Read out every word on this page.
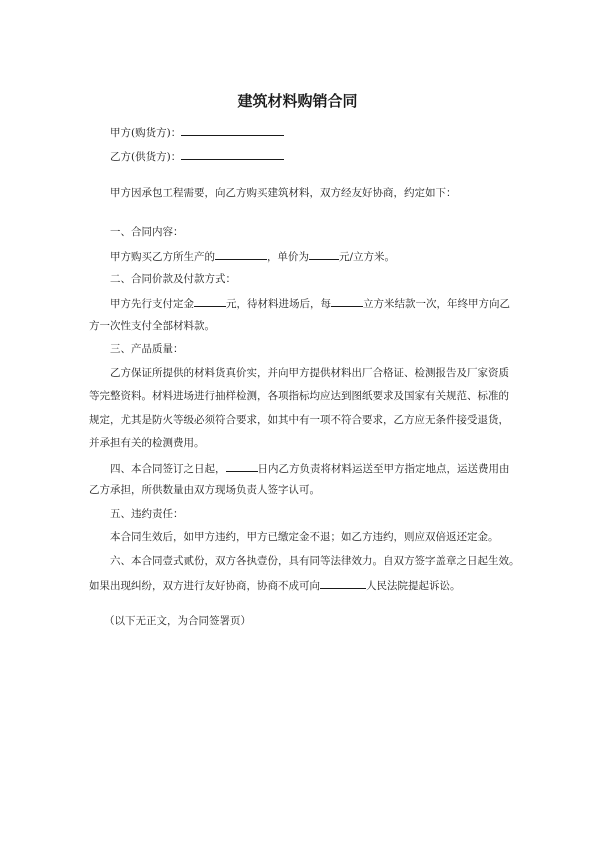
建筑材料购销合同
甲方(购货方)：
乙方(供货方)：
甲方因承包工程需要，向乙方购买建筑材料，双方经友好协商，约定如下：
一、合同内容：
甲方购买乙方所生产的	，单价为	元/立方米。
二、合同价款及付款方式：
甲方先行支付定金	元，待材料进场后，每	立方米结款一次，年终甲方向乙
方一次性支付全部材料款。
三、产品质量：
乙方保证所提供的材料货真价实，并向甲方提供材料出厂合格证、检测报告及厂家资质
等完整资料。材料进场进行抽样检测，各项指标均应达到图纸要求及国家有关规范、标准的
规定，尤其是防火等级必须符合要求，如其中有一项不符合要求，乙方应无条件接受退货，
并承担有关的检测费用。
四、本合同签订之日起，	日内乙方负责将材料运送至甲方指定地点，运送费用由
乙方承担，所供数量由双方现场负责人签字认可。
五、违约责任：
本合同生效后，如甲方违约，甲方已缴定金不退；如乙方违约，则应双倍返还定金。
六、本合同壹式贰份，双方各执壹份，具有同等法律效力。自双方签字盖章之日起生效。
如果出现纠纷，双方进行友好协商，协商不成可向	人民法院提起诉讼。
（以下无正文，为合同签署页）
